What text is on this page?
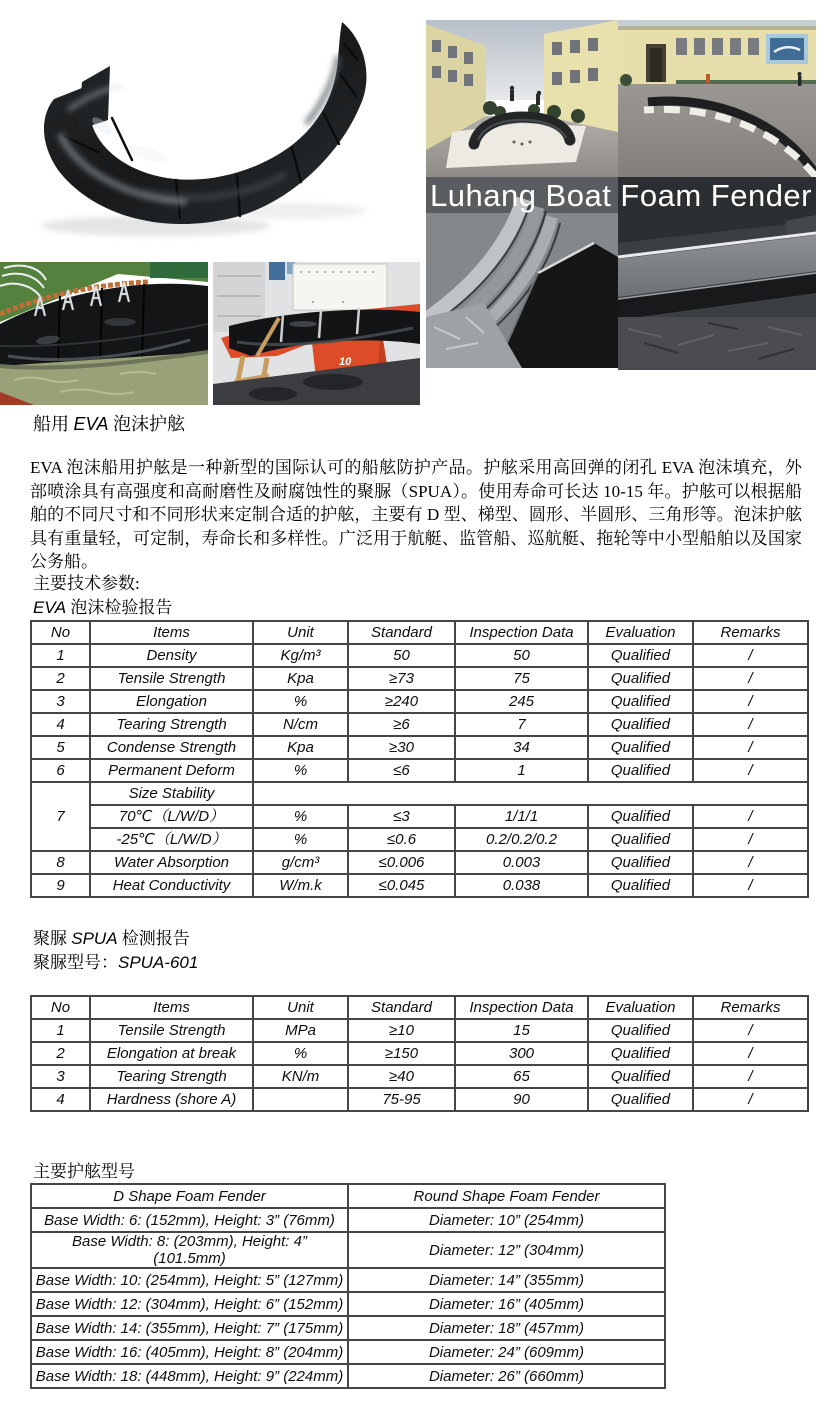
Luhang Boat Foam Fender
10
船用 EVA 泡沫护舷

EVA 泡沫船用护舷是一种新型的国际认可的船舷防护产品。护舷采用高回弹的闭孔 EVA 泡沫填充，外部喷涂具有高强度和高耐磨性及耐腐蚀性的聚脲（SPUA）。使用寿命可长达 10-15 年。护舷可以根据船舶的不同尺寸和不同形状来定制合适的护舷，主要有 D 型、梯型、圆形、半圆形、三角形等。泡沫护舷具有重量轻，可定制，寿命长和多样性。广泛用于航艇、监管船、巡航艇、拖轮等中小型船舶以及国家公务船。

主要技术参数:
EVA 泡沫检验报告
No	Items	Unit	Standard	Inspection Data	Evaluation	Remarks
1	Density	Kg/m³	50	50	Qualified	/
2	Tensile Strength	Kpa	≥73	75	Qualified	/
3	Elongation	%	≥240	245	Qualified	/
4	Tearing Strength	N/cm	≥6	7	Qualified	/
5	Condense Strength	Kpa	≥30	34	Qualified	/
6	Permanent Deform	%	≤6	1	Qualified	/
7	Size Stability					
	70℃（L/W/D）	%	≤3	1/1/1	Qualified	/
	-25℃（L/W/D）	%	≤0.6	0.2/0.2/0.2	Qualified	/
8	Water Absorption	g/cm³	≤0.006	0.003	Qualified	/
9	Heat Conductivity	W/m.k	≤0.045	0.038	Qualified	/
聚脲 SPUA 检测报告
聚脲型号：SPUA-601
No	Items	Unit	Standard	Inspection Data	Evaluation	Remarks
1	Tensile Strength	MPa	≥10	15	Qualified	/
2	Elongation at break	%	≥150	300	Qualified	/
3	Tearing Strength	KN/m	≥40	65	Qualified	/
4	Hardness (shore A)		75-95	90	Qualified	/
主要护舷型号
D Shape Foam Fender	Round Shape Foam Fender
Base Width: 6: (152mm), Height: 3” (76mm)	Diameter: 10” (254mm)
Base Width: 8: (203mm), Height: 4” (101.5mm)	Diameter: 12” (304mm)
Base Width: 10: (254mm), Height: 5” (127mm)	Diameter: 14” (355mm)
Base Width: 12: (304mm), Height: 6” (152mm)	Diameter: 16” (405mm)
Base Width: 14: (355mm), Height: 7” (175mm)	Diameter: 18” (457mm)
Base Width: 16: (405mm), Height: 8” (204mm)	Diameter: 24” (609mm)
Base Width: 18: (448mm), Height: 9” (224mm)	Diameter: 26” (660mm)
